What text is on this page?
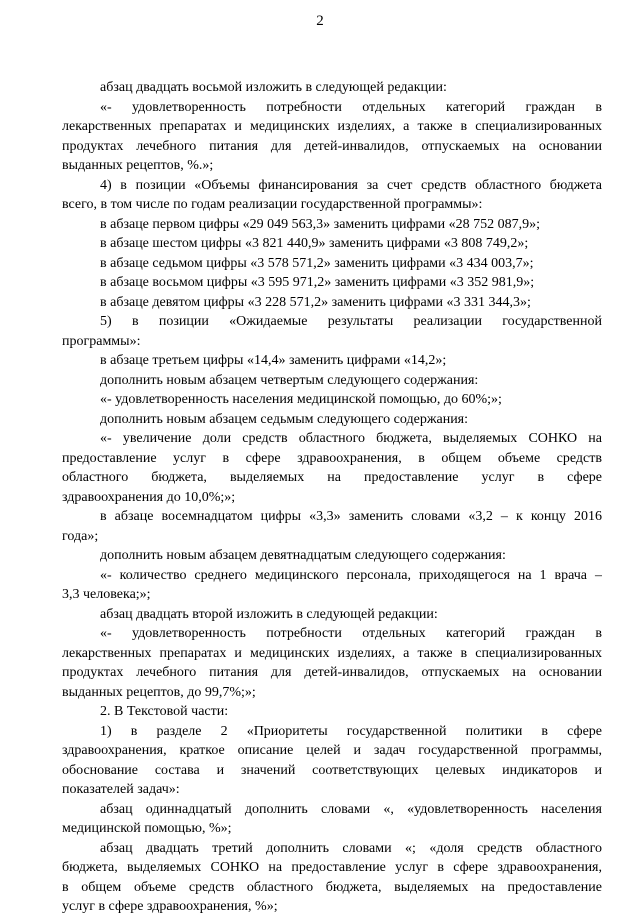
2
абзац двадцать восьмой изложить в следующей редакции:
«- удовлетворенность потребности отдельных категорий граждан в
лекарственных препаратах и медицинских изделиях, а также в специализированных
продуктах лечебного питания для детей-инвалидов, отпускаемых на основании
выданных рецептов, %.»;
4) в позиции «Объемы финансирования за счет средств областного бюджета
всего, в том числе по годам реализации государственной программы»:
в абзаце первом цифры «29 049 563,3» заменить цифрами «28 752 087,9»;
в абзаце шестом цифры «3 821 440,9» заменить цифрами «3 808 749,2»;
в абзаце седьмом цифры «3 578 571,2» заменить цифрами «3 434 003,7»;
в абзаце восьмом цифры «3 595 971,2» заменить цифрами «3 352 981,9»;
в абзаце девятом цифры «3 228 571,2» заменить цифрами «3 331 344,3»;
5) в позиции «Ожидаемые результаты реализации государственной
программы»:
в абзаце третьем цифры «14,4» заменить цифрами «14,2»;
дополнить новым абзацем четвертым следующего содержания:
«- удовлетворенность населения медицинской помощью, до 60%;»;
дополнить новым абзацем седьмым следующего содержания:
«- увеличение доли средств областного бюджета, выделяемых СОНКО на
предоставление услуг в сфере здравоохранения, в общем объеме средств
областного бюджета, выделяемых на предоставление услуг в сфере
здравоохранения до 10,0%;»;
в абзаце восемнадцатом цифры «3,3» заменить словами «3,2 – к концу 2016
года»;
дополнить новым абзацем девятнадцатым следующего содержания:
«- количество среднего медицинского персонала, приходящегося на 1 врача –
3,3 человека;»;
абзац двадцать второй изложить в следующей редакции:
«- удовлетворенность потребности отдельных категорий граждан в
лекарственных препаратах и медицинских изделиях, а также в специализированных
продуктах лечебного питания для детей-инвалидов, отпускаемых на основании
выданных рецептов, до 99,7%;»;
2. В Текстовой части:
1) в разделе 2 «Приоритеты государственной политики в сфере
здравоохранения, краткое описание целей и задач государственной программы,
обоснование состава и значений соответствующих целевых индикаторов и
показателей задач»:
абзац одиннадцатый дополнить словами «, «удовлетворенность населения
медицинской помощью, %»;
абзац двадцать третий дополнить словами «; «доля средств областного
бюджета, выделяемых СОНКО на предоставление услуг в сфере здравоохранения,
в общем объеме средств областного бюджета, выделяемых на предоставление
услуг в сфере здравоохранения, %»;
